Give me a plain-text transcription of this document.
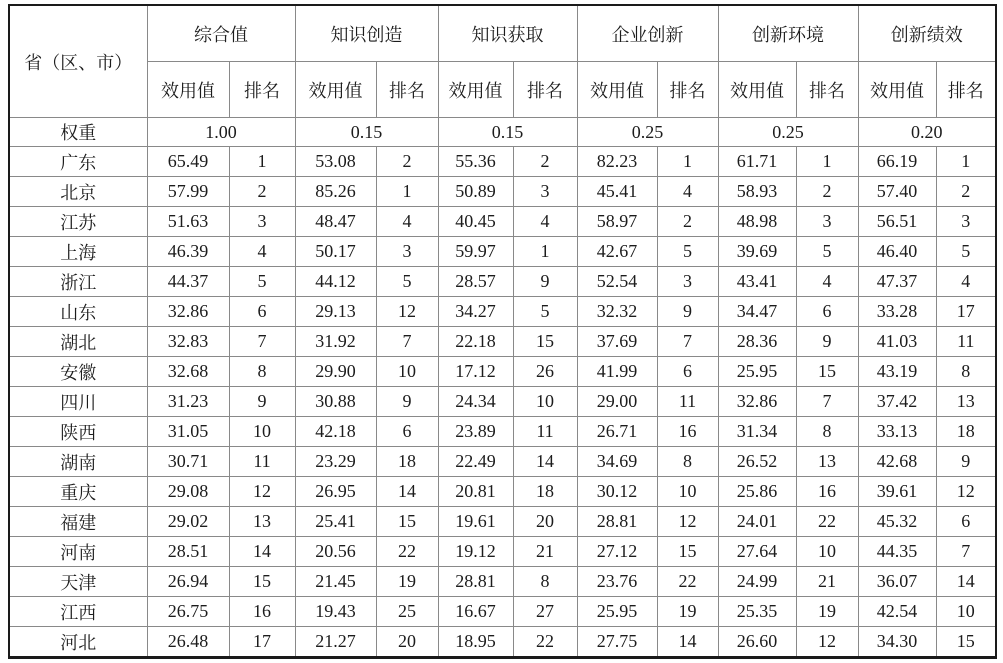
省（区、市）	综合值		知识创造		知识获取		企业创新		创新环境		创新绩效	
	效用值	排名	效用值	排名	效用值	排名	效用值	排名	效用值	排名	效用值	排名
权重	1.00		0.15		0.15		0.25		0.25		0.20	
广东	65.49	1	53.08	2	55.36	2	82.23	1	61.71	1	66.19	1
北京	57.99	2	85.26	1	50.89	3	45.41	4	58.93	2	57.40	2
江苏	51.63	3	48.47	4	40.45	4	58.97	2	48.98	3	56.51	3
上海	46.39	4	50.17	3	59.97	1	42.67	5	39.69	5	46.40	5
浙江	44.37	5	44.12	5	28.57	9	52.54	3	43.41	4	47.37	4
山东	32.86	6	29.13	12	34.27	5	32.32	9	34.47	6	33.28	17
湖北	32.83	7	31.92	7	22.18	15	37.69	7	28.36	9	41.03	11
安徽	32.68	8	29.90	10	17.12	26	41.99	6	25.95	15	43.19	8
四川	31.23	9	30.88	9	24.34	10	29.00	11	32.86	7	37.42	13
陕西	31.05	10	42.18	6	23.89	11	26.71	16	31.34	8	33.13	18
湖南	30.71	11	23.29	18	22.49	14	34.69	8	26.52	13	42.68	9
重庆	29.08	12	26.95	14	20.81	18	30.12	10	25.86	16	39.61	12
福建	29.02	13	25.41	15	19.61	20	28.81	12	24.01	22	45.32	6
河南	28.51	14	20.56	22	19.12	21	27.12	15	27.64	10	44.35	7
天津	26.94	15	21.45	19	28.81	8	23.76	22	24.99	21	36.07	14
江西	26.75	16	19.43	25	16.67	27	25.95	19	25.35	19	42.54	10
河北	26.48	17	21.27	20	18.95	22	27.75	14	26.60	12	34.30	15
